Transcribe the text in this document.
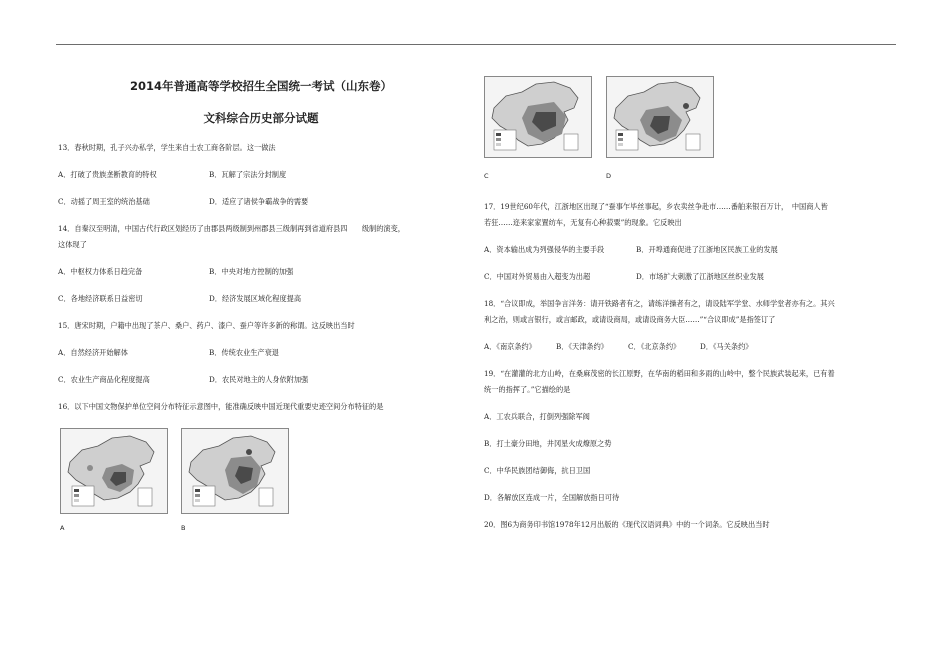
2014年普通高等学校招生全国统一考试（山东卷）
文科综合历史部分试题
13．春秋时期，孔子兴办私学，学生来自士农工商各阶层。这一做法
A．打破了贵族垄断教育的特权	B．瓦解了宗法分封制度
C．动摇了周王室的统治基础	D．适应了诸侯争霸战争的需要
14．自秦汉至明清，中国古代行政区划经历了由郡县两级制到州郡县三级制再到省道府县四　　级制的演变，
这体现了
A．中枢权力体系日趋完备	B．中央对地方控制的加强
C．各地经济联系日益密切	D．经济发展区域化程度提高
15．唐宋时期，户籍中出现了茶户、桑户、药户、漆户、蚕户等许多新的称谓。这反映出当时
A．自然经济开始解体	B．传统农业生产衰退
C．农业生产商品化程度提高	D．农民对地主的人身依附加强
16．以下中国文物保护单位空间分布特征示意图中，能准确反映中国近现代重要史迹空间分布特征的是
A	B
C	D
17．19世纪60年代，江浙地区出现了“蚕事乍毕丝事起，乡农卖丝争赴市……番舶来银百万计，　中国商人皆
若狂……迩来家家置纺车，无复有心种菽粟”的现象。它反映出
A．资本输出成为列强侵华的主要手段	B．开埠通商促进了江浙地区民族工业的发展
C．中国对外贸易由入超变为出超	D．市场扩大刺激了江浙地区丝织业发展
18．“合议即成，举国争言洋务：请开铁路者有之，请练洋操者有之，请设陆军学堂、水师学堂者亦有之。其兴
利之治，则或言银行，或言邮政，或请设商局，或请设商务大臣……”“合议即成”是指签订了
A．《南京条约》	B．《天津条约》	C．《北京条约》	D．《马关条约》
19．“在灌灌的北方山岭，在桑麻茂密的长江原野，在华南的稻田和多雨的山岭中，整个民族武装起来，已有着
统一的指挥了。”它描绘的是
A．工农兵联合，打倒列强除军阀
B．打土豪分田地，井冈星火成燎原之势
C．中华民族团结御侮，抗日卫国
D．各解放区连成一片，全国解放指日可待
20．图6为商务印书馆1978年12月出版的《现代汉语词典》中的一个词条。它反映出当时
